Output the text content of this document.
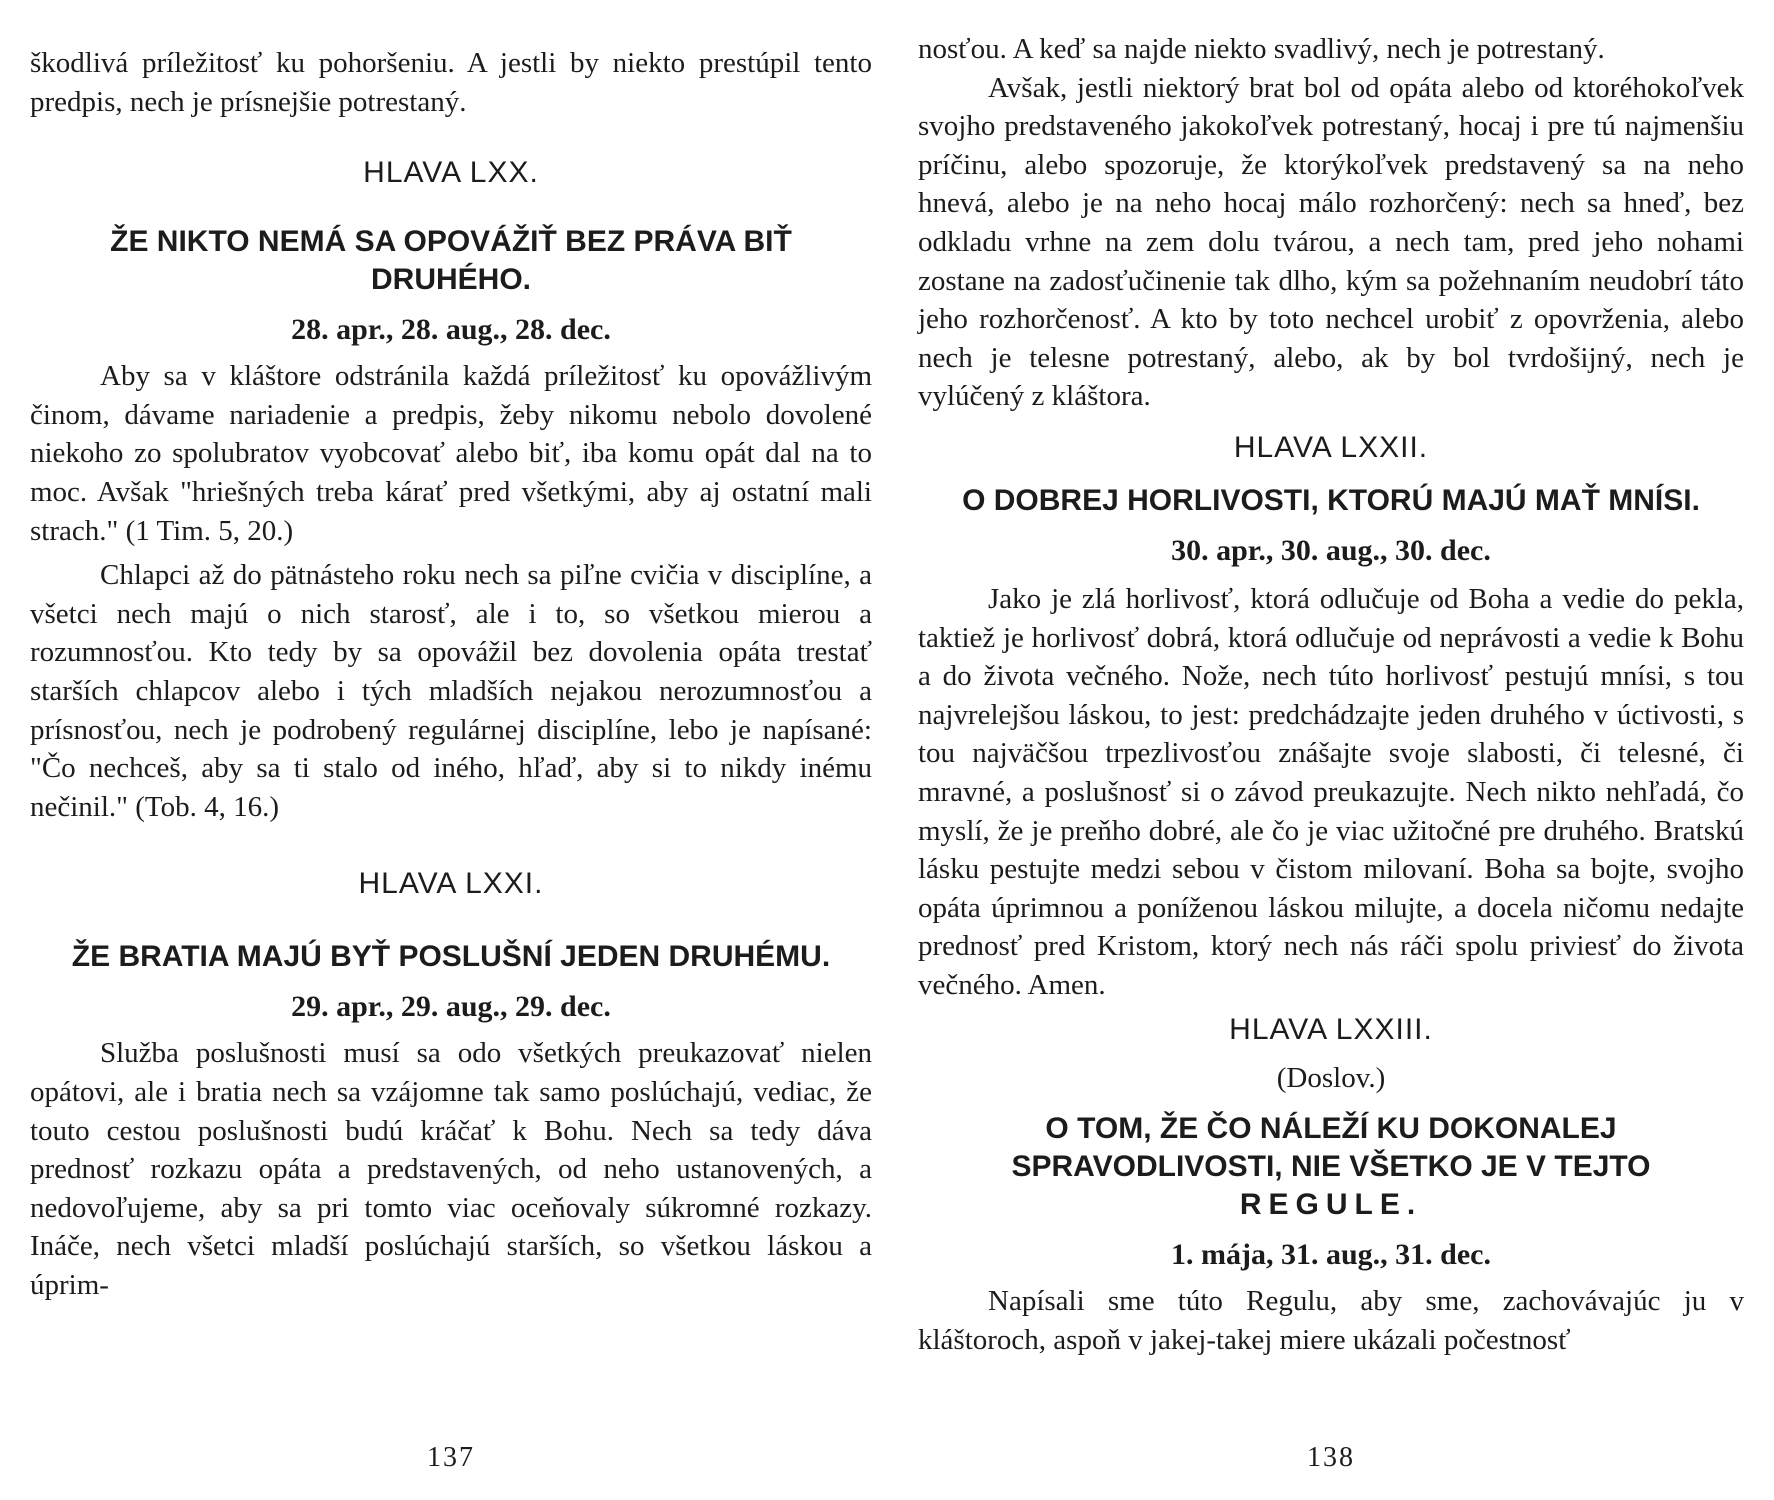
škodlivá príležitosť ku pohoršeniu. A jestli by niekto prestúpil tento predpis, nech je prísnejšie potrestaný.

HLAVA LXX.

ŽE NIKTO NEMÁ SA OPOVÁŽIŤ BEZ PRÁVA BIŤ DRUHÉHO.

28. apr., 28. aug., 28. dec.

Aby sa v kláštore odstránila každá príležitosť ku opovážlivým činom, dávame nariadenie a predpis, žeby nikomu nebolo dovolené niekoho zo spolubratov vyobcovať alebo biť, iba komu opát dal na to moc. Avšak "hriešných treba kárať pred všetkými, aby aj ostatní mali strach." (1 Tim. 5, 20.)

Chlapci až do pätnásteho roku nech sa piľne cvičia v disciplíne, a všetci nech majú o nich starosť, ale i to, so všetkou mierou a rozumnosťou. Kto tedy by sa opovážil bez dovolenia opáta trestať starších chlapcov alebo i tých mladších nejakou nerozumnosťou a prísnosťou, nech je podrobený regulárnej disciplíne, lebo je napísané: "Čo nechceš, aby sa ti stalo od iného, hľaď, aby si to nikdy inému nečinil." (Tob. 4, 16.)

HLAVA LXXI.

ŽE BRATIA MAJÚ BYŤ POSLUŠNÍ JEDEN DRUHÉMU.

29. apr., 29. aug., 29. dec.

Služba poslušnosti musí sa odo všetkých preukazovať nielen opátovi, ale i bratia nech sa vzájomne tak samo poslúchajú, vediac, že touto cestou poslušnosti budú kráčať k Bohu. Nech sa tedy dáva prednosť rozkazu opáta a predstavených, od neho ustanovených, a nedovoľujeme, aby sa pri tomto viac oceňovaly súkromné rozkazy. Ináče, nech všetci mladší poslúchajú starších, so všetkou láskou a úprim-

137

nosťou. A keď sa najde niekto svadlivý, nech je potrestaný.

Avšak, jestli niektorý brat bol od opáta alebo od ktoréhokoľvek svojho predstaveného jakokoľvek potrestaný, hocaj i pre tú najmenšiu príčinu, alebo spozoruje, že ktorýkoľvek predstavený sa na neho hnevá, alebo je na neho hocaj málo rozhorčený: nech sa hneď, bez odkladu vrhne na zem dolu tvárou, a nech tam, pred jeho nohami zostane na zadosťučinenie tak dlho, kým sa požehnaním neudobrí táto jeho rozhorčenosť. A kto by toto nechcel urobiť z opovrženia, alebo nech je telesne potrestaný, alebo, ak by bol tvrdošijný, nech je vylúčený z kláštora.

HLAVA LXXII.

O DOBREJ HORLIVOSTI, KTORÚ MAJÚ MAŤ MNÍSI.

30. apr., 30. aug., 30. dec.

Jako je zlá horlivosť, ktorá odlučuje od Boha a vedie do pekla, taktiež je horlivosť dobrá, ktorá odlučuje od neprávosti a vedie k Bohu a do života večného. Nože, nech túto horlivosť pestujú mnísi, s tou najvrelejšou láskou, to jest: predchádzajte jeden druhého v úctivosti, s tou najväčšou trpezlivosťou znášajte svoje slabosti, či telesné, či mravné, a poslušnosť si o závod preukazujte. Nech nikto nehľadá, čo myslí, že je preňho dobré, ale čo je viac užitočné pre druhého. Bratskú lásku pestujte medzi sebou v čistom milovaní. Boha sa bojte, svojho opáta úprimnou a poníženou láskou milujte, a docela ničomu nedajte prednosť pred Kristom, ktorý nech nás ráči spolu priviesť do života večného. Amen.

HLAVA LXXIII.

(Doslov.)

O TOM, ŽE ČO NÁLEŽÍ KU DOKONALEJ SPRAVODLIVOSTI, NIE VŠETKO JE V TEJTO REGULE.

1. mája, 31. aug., 31. dec.

Napísali sme túto Regulu, aby sme, zachovávajúc ju v kláštoroch, aspoň v jakej-takej miere ukázali počestnosť

138
